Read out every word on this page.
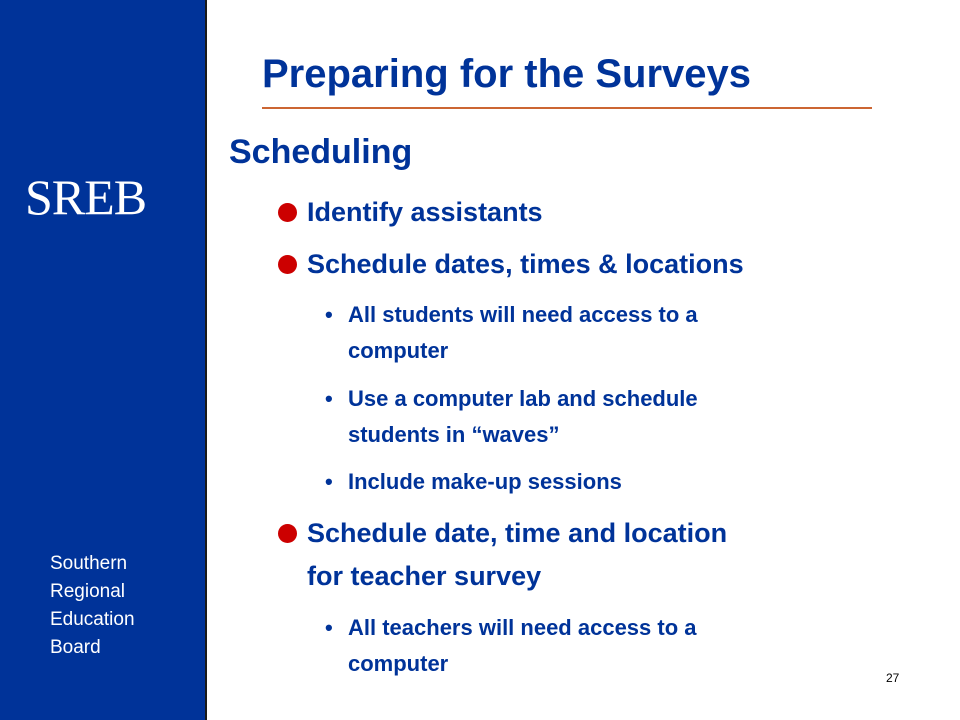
SREB
Southern
Regional
Education
Board
Preparing for the Surveys
Scheduling
Identify assistants
Schedule dates, times & locations
• All students will need access to a
computer
• Use a computer lab and schedule
students in “waves”
• Include make-up sessions
Schedule date, time and location
for teacher survey
• All teachers will need access to a
computer
27
